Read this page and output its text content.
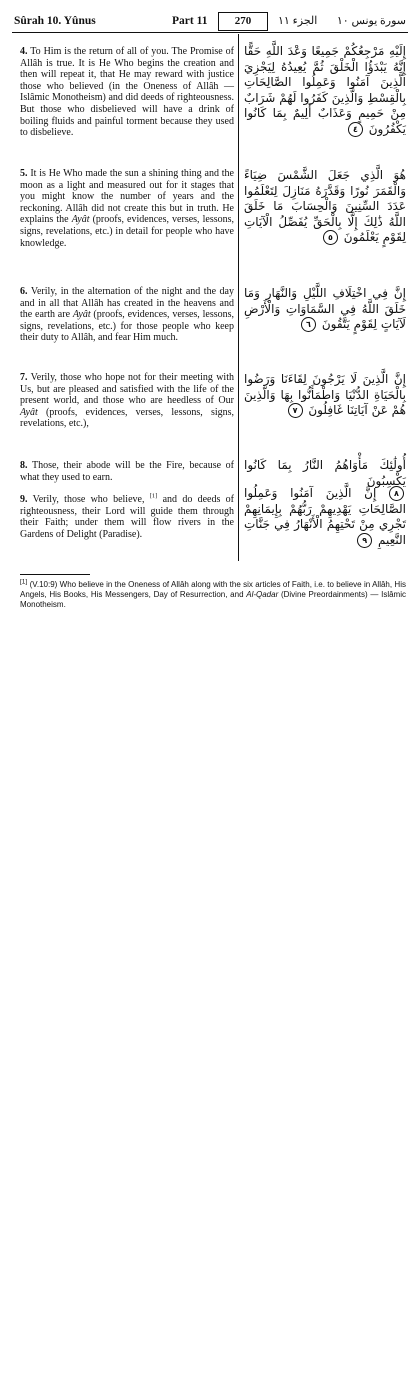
Sûrah 10. Yûnus	Part 11	270	الجزء ١١ سورة يونس ١٠
4. To Him is the return of all of you. The Promise of Allâh is true. It is He Who begins the creation and then will repeat it, that He may reward with justice those who believed (in the Oneness of Allâh — Islâmic Monotheism) and did deeds of righteousness. But those who disbelieved will have a drink of boiling fluids and painful torment because they used to disbelieve.
إِلَيْهِ مَرْجِعُكُمْ جَمِيعًا وَعْدَ اللَّهِ حَقًّا إِنَّهُ يَبْدَؤُا الْخَلْقَ ثُمَّ يُعِيدُهُ لِيَجْزِيَ الَّذِينَ آمَنُوا وَعَمِلُوا الصَّالِحَاتِ بِالْقِسْطِ وَالَّذِينَ كَفَرُوا لَهُمْ شَرَابٌ مِنْ حَمِيمٍ وَعَذَابٌ أَلِيمٌ بِمَا كَانُوا يَكْفُرُونَ ٤
5. It is He Who made the sun a shining thing and the moon as a light and measured out for it stages that you might know the number of years and the reckoning. Allâh did not create this but in truth. He explains the Ayât (proofs, evidences, verses, lessons, signs, revelations, etc.) in detail for people who have knowledge.
هُوَ الَّذِي جَعَلَ الشَّمْسَ ضِيَاءً وَالْقَمَرَ نُورًا وَقَدَّرَهُ مَنَازِلَ لِتَعْلَمُوا عَدَدَ السِّنِينَ وَالْحِسَابَ مَا خَلَقَ اللَّهُ ذَٰلِكَ إِلَّا بِالْحَقِّ يُفَصِّلُ الْآيَاتِ لِقَوْمٍ يَعْلَمُونَ ٥
6. Verily, in the alternation of the night and the day and in all that Allâh has created in the heavens and the earth are Ayât (proofs, evidences, verses, lessons, signs, revelations, etc.) for those people who keep their duty to Allâh, and fear Him much.
إِنَّ فِي اخْتِلَافِ اللَّيْلِ وَالنَّهَارِ وَمَا خَلَقَ اللَّهُ فِي السَّمَاوَاتِ وَالْأَرْضِ لَآيَاتٍ لِقَوْمٍ يَتَّقُونَ ٦
7. Verily, those who hope not for their meeting with Us, but are pleased and satisfied with the life of the present world, and those who are heedless of Our Ayât (proofs, evidences, verses, lessons, signs, revelations, etc.),
إِنَّ الَّذِينَ لَا يَرْجُونَ لِقَاءَنَا وَرَضُوا بِالْحَيَاةِ الدُّنْيَا وَاطْمَأَنُّوا بِهَا وَالَّذِينَ هُمْ عَنْ آيَاتِنَا غَافِلُونَ ٧
8. Those, their abode will be the Fire, because of what they used to earn.
أُولَٰئِكَ مَأْوَاهُمُ النَّارُ بِمَا كَانُوا يَكْسِبُونَ
9. Verily, those who believe, [1] and do deeds of righteousness, their Lord will guide them through their Faith; under them will flow rivers in the Gardens of Delight (Paradise).
٨ إِنَّ الَّذِينَ آمَنُوا وَعَمِلُوا الصَّالِحَاتِ يَهْدِيهِمْ رَبُّهُمْ بِإِيمَانِهِمْ تَجْرِي مِنْ تَحْتِهِمُ الْأَنْهَارُ فِي جَنَّاتِ النَّعِيمِ ٩
[1] (V.10:9) Who believe in the Oneness of Allâh along with the six articles of Faith, i.e. to believe in Allâh, His Angels, His Books, His Messengers, Day of Resurrection, and Al-Qadar (Divine Preordainments) — Islâmic Monotheism.
